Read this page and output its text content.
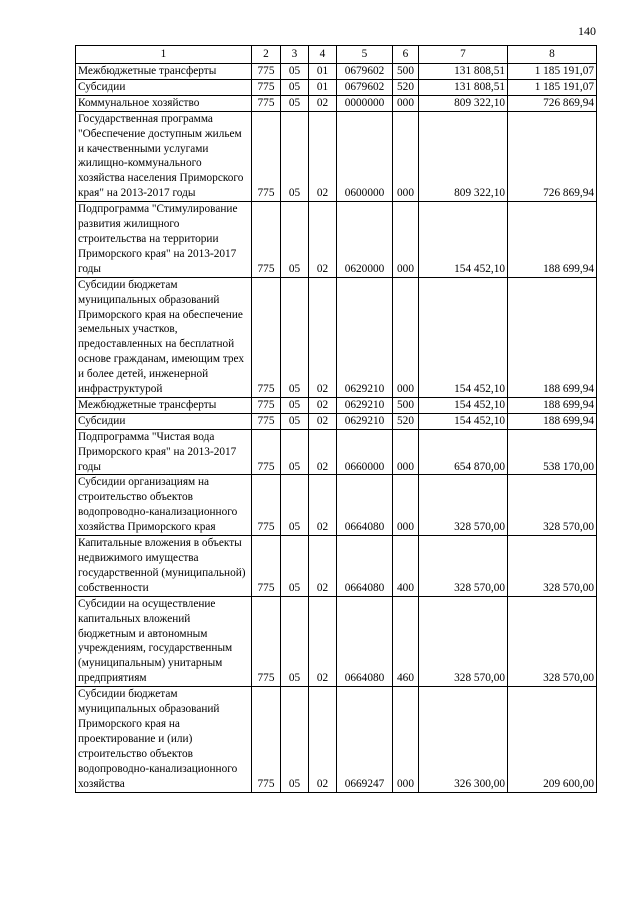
140
1	2	3	4	5	6	7	8
Межбюджетные трансферты	775	05	01	0679602	500	131 808,51	1 185 191,07
Субсидии	775	05	01	0679602	520	131 808,51	1 185 191,07
Коммунальное хозяйство	775	05	02	0000000	000	809 322,10	726 869,94
Государственная программа "Обеспечение доступным жильем и качественными услугами жилищно-коммунального хозяйства населения Приморского края" на 2013-2017 годы	775	05	02	0600000	000	809 322,10	726 869,94
Подпрограмма "Стимулирование развития жилищного строительства на территории Приморского края" на 2013-2017 годы	775	05	02	0620000	000	154 452,10	188 699,94
Субсидии бюджетам муниципальных образований Приморского края на обеспечение земельных участков, предоставленных на бесплатной основе гражданам, имеющим трех и более детей, инженерной инфраструктурой	775	05	02	0629210	000	154 452,10	188 699,94
Межбюджетные трансферты	775	05	02	0629210	500	154 452,10	188 699,94
Субсидии	775	05	02	0629210	520	154 452,10	188 699,94
Подпрограмма "Чистая вода Приморского края" на 2013-2017 годы	775	05	02	0660000	000	654 870,00	538 170,00
Субсидии организациям на строительство объектов водопроводно-канализационного хозяйства Приморского края	775	05	02	0664080	000	328 570,00	328 570,00
Капитальные вложения в объекты недвижимого имущества государственной (муниципальной) собственности	775	05	02	0664080	400	328 570,00	328 570,00
Субсидии на осуществление капитальных вложений бюджетным и автономным учреждениям, государственным (муниципальным) унитарным предприятиям	775	05	02	0664080	460	328 570,00	328 570,00
Субсидии бюджетам муниципальных образований Приморского края на проектирование и (или) строительство объектов водопроводно-канализационного хозяйства	775	05	02	0669247	000	326 300,00	209 600,00
